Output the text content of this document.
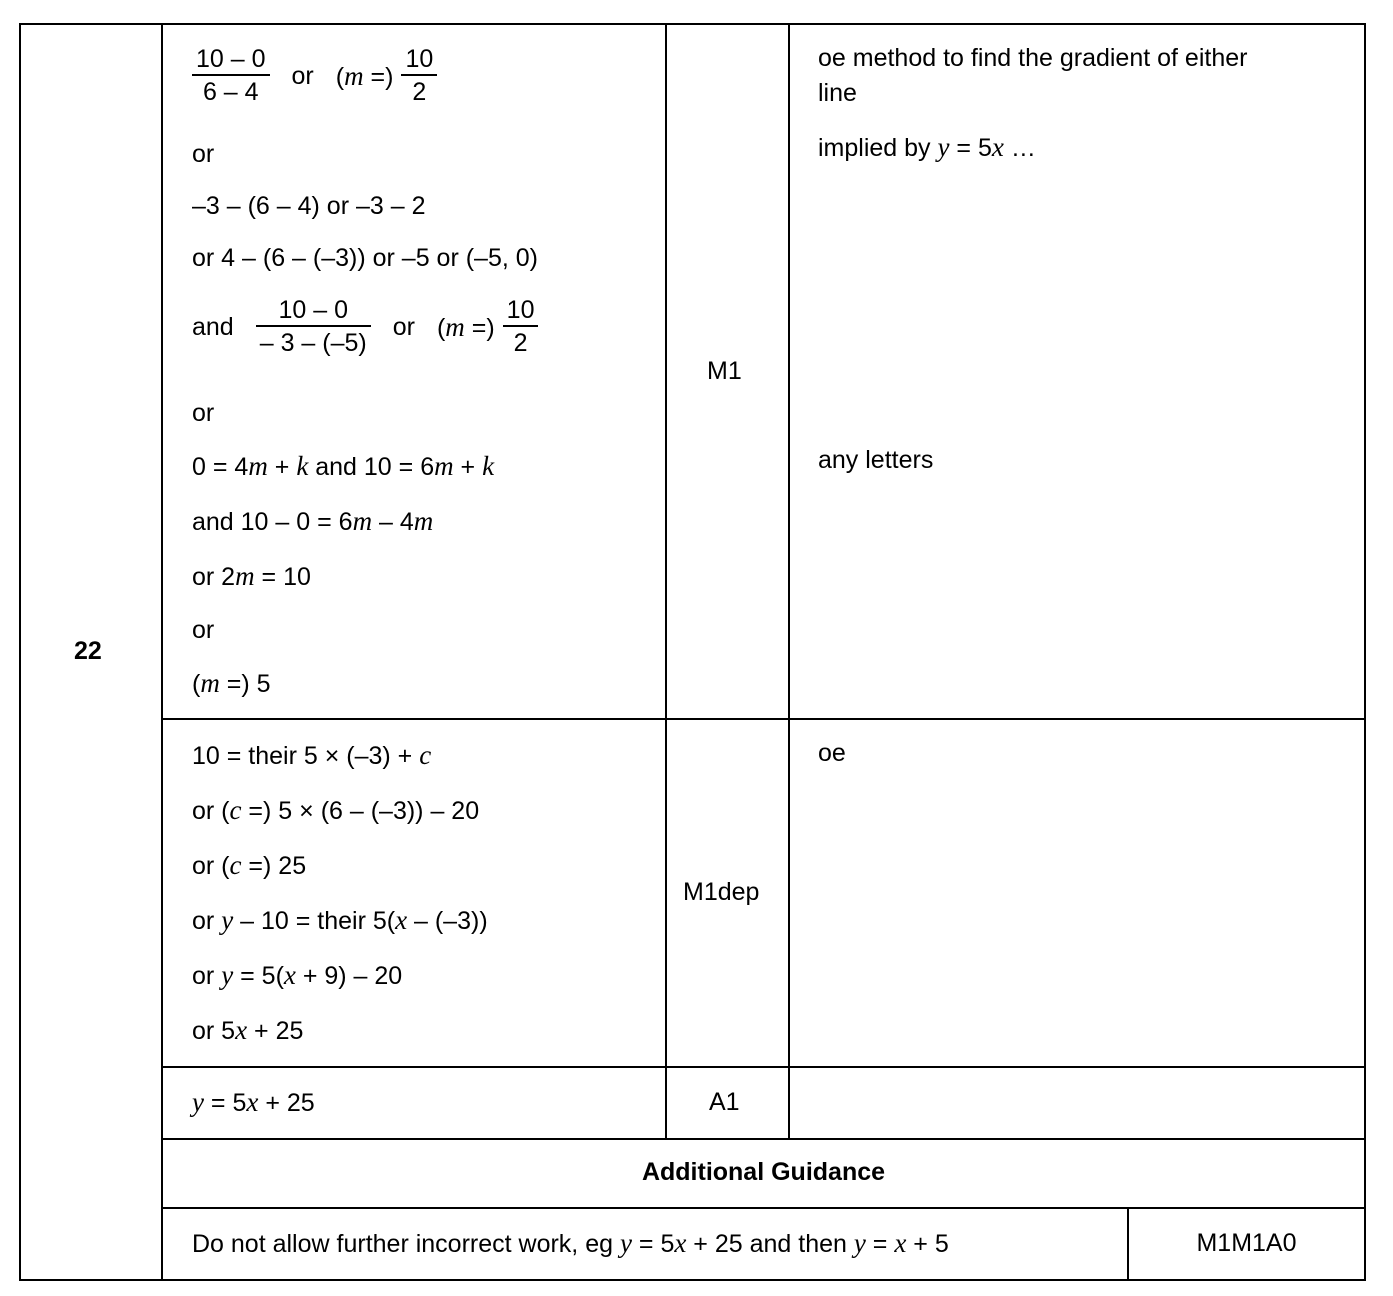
22
$\frac{10 - 0}{6 - 4}$ or (m =) $\frac{10}{2}$
or
–3 – (6 – 4) or –3 – 2
or 4 – (6 – (–3)) or –5 or (–5, 0)
and $\frac{10 - 0}{- 3 - (-5)}$ or (m =) $\frac{10}{2}$
or
0 = 4m + k and 10 = 6m + k
and 10 – 0 = 6m – 4m
or 2m = 10
or
(m =) 5
M1
oe method to find the gradient of either
line
implied by y = 5x …
any letters
10 = their 5 × (–3) + c
or (c =) 5 × (6 – (–3)) – 20
or (c =) 25
or y – 10 = their 5(x – (–3))
or y = 5(x + 9) – 20
or 5x + 25
M1dep
oe
y = 5x + 25	A1
Additional Guidance
Do not allow further incorrect work, eg y = 5x + 25 and then y = x + 5	M1M1A0
